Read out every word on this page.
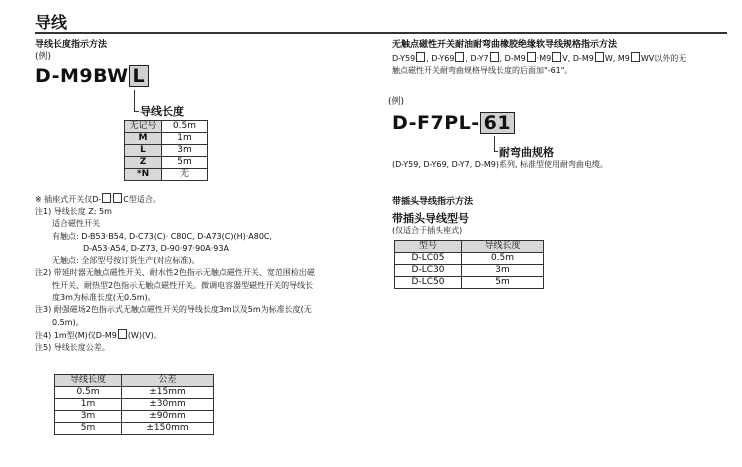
导线
导线长度指示方法
(例)
D-M9BW L
导线长度
无记号	0.5m
M	1m
L	3m
Z	5m
*N	无
※ 插座式开关仅D-	C型适合。
注1) 导线长度 Z: 5m
适合磁性开关
有触点: D-B53·B54, D-C73(C)· C80C, D-A73(C)(H)·A80C,
D-A53·A54, D-Z73, D-90·97·90A·93A
无触点: 全部型号按订货生产(对应标准)。
注2) 带延时器无触点磁性开关、耐水性2色指示无触点磁性开关、宽范围检出磁
性开关、耐热型2色指示无触点磁性开关。微调电容器型磁性开关的导线长
度3m为标准长度(无0.5m)。
注3) 耐强磁场2色指示式无触点磁性开关的导线长度3m以及5m为标准长度(无
0.5m)。
注4) 1m型(M)仅D-M9 (W)(V)。
注5) 导线长度公差。
导线长度	公差
0.5m	±15mm
1m	±30mm
3m	±90mm
5m	±150mm
无触点磁性开关耐油耐弯曲橡胶绝缘软导线规格指示方法
D-Y59 , D-Y69 , D-Y7 , D-M9 ·M9 V, D-M9 W, M9 WV以外的无
触点磁性开关耐弯曲规格导线长度的后面加"-61"。
(例)
D-F7PL- 61
耐弯曲规格
(D-Y59, D-Y69, D-Y7, D-M9)系列, 标准型使用耐弯曲电缆。
带插头导线指示方法
带插头导线型号
(仅适合于插头座式)
型号	导线长度
D-LC05	0.5m
D-LC30	3m
D-LC50	5m
